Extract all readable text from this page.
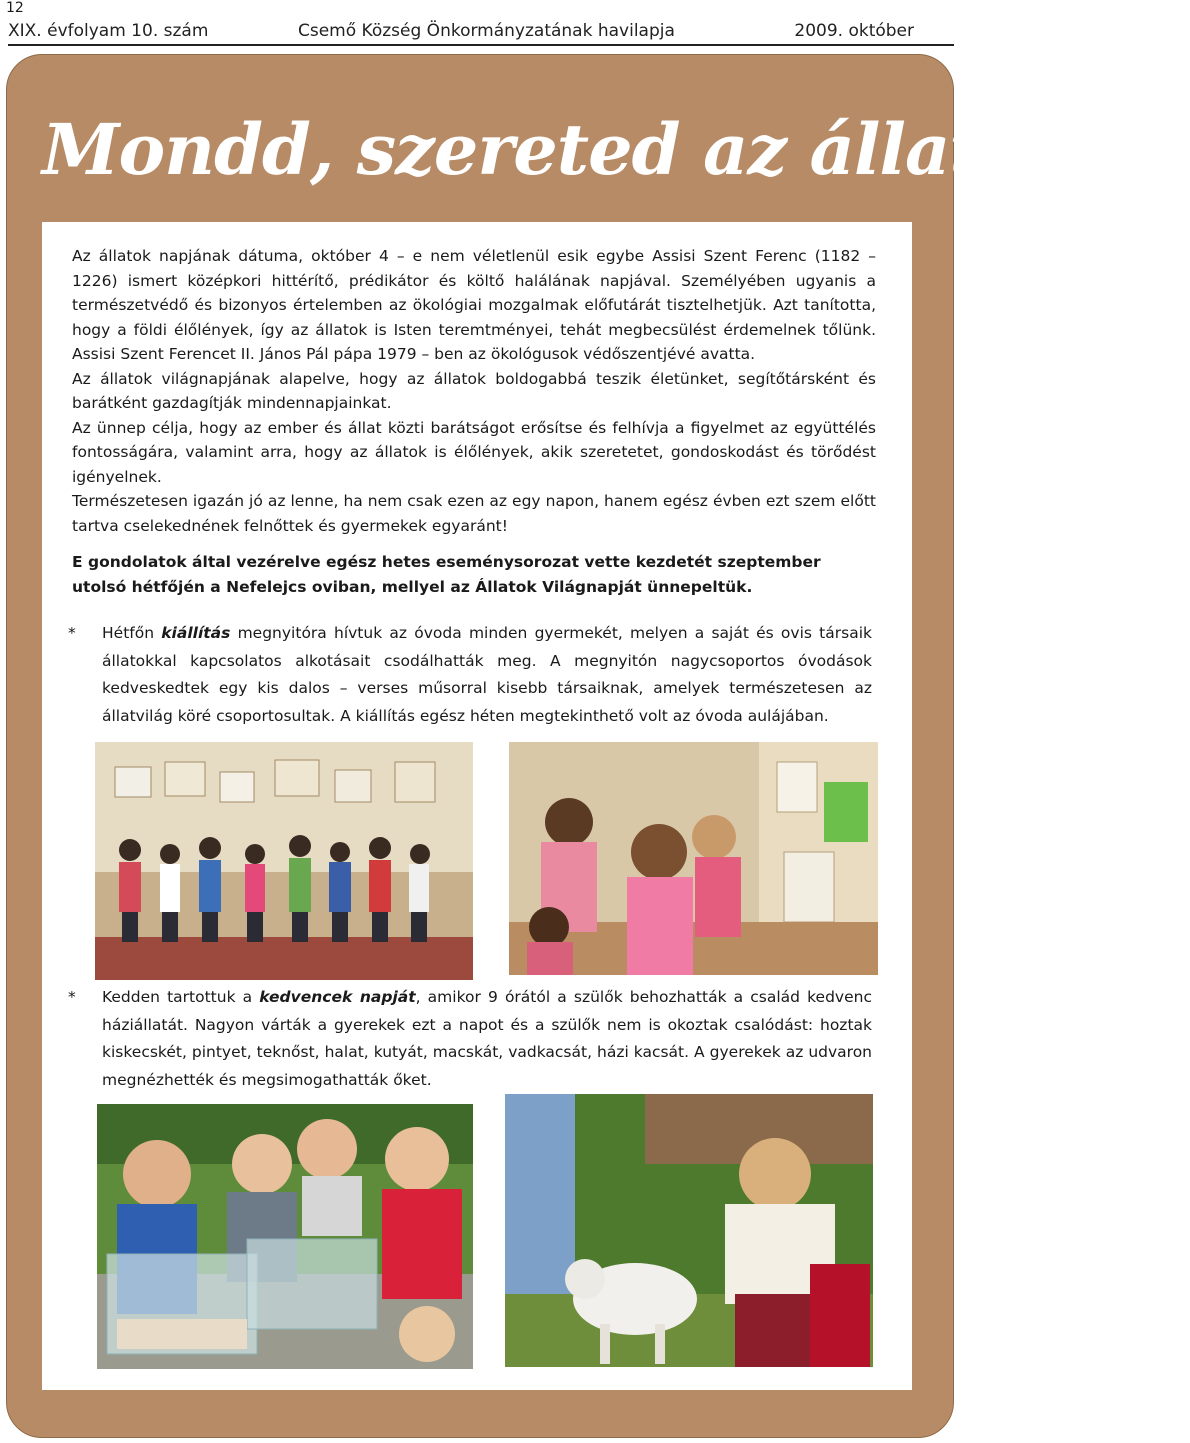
12
XIX. évfolyam 10. szám	Csemő Község Önkormányzatának havilapja	2009. október
Mondd, szereted az állatokat?

Az állatok napjának dátuma, október 4 – e nem véletlenül esik egybe Assisi Szent Ferenc (1182 – 1226) ismert középkori hittérítő, prédikátor és költő halálának napjával. Személyében ugyanis a természetvédő és bizonyos értelemben az ökológiai mozgalmak előfutárát tisztelhetjük. Azt tanította, hogy a földi élőlények, így az állatok is Isten teremtményei, tehát megbecsülést érdemelnek tőlünk. Assisi Szent Ferencet II. János Pál pápa 1979 – ben az ökológusok védőszentjévé avatta.

Az állatok világnapjának alapelve, hogy az állatok boldogabbá teszik életünket, segítőtársként és barátként gazdagítják mindennapjainkat.

Az ünnep célja, hogy az ember és állat közti barátságot erősítse és felhívja a figyelmet az együttélés fontosságára, valamint arra, hogy az állatok is élőlények, akik szeretetet, gondoskodást és törődést igényelnek.

Természetesen igazán jó az lenne, ha nem csak ezen az egy napon, hanem egész évben ezt szem előtt tartva cselekednének felnőttek és gyermekek egyaránt!

E gondolatok által vezérelve egész hetes eseménysorozat vette kezdetét szeptember utolsó hétfőjén a Nefelejcs oviban, mellyel az Állatok Világnapját ünnepeltük.

* Hétfőn kiállítás megnyitóra hívtuk az óvoda minden gyermekét, melyen a saját és ovis társaik állatokkal kapcsolatos alkotásait csodálhatták meg. A megnyitón nagycsoportos óvodások kedveskedtek egy kis dalos – verses műsorral kisebb társaiknak, amelyek természetesen az állatvilág köré csoportosultak. A kiállítás egész héten megtekinthető volt az óvoda aulájában.

* Kedden tartottuk a kedvencek napját, amikor 9 órától a szülők behozhatták a család kedvenc háziállatát. Nagyon várták a gyerekek ezt a napot és a szülők nem is okoztak csalódást: hoztak kiskecskét, pintyet, teknőst, halat, kutyát, macskát, vadkacsát, házi kacsát. A gyerekek az udvaron megnézhették és megsimogathatták őket.
